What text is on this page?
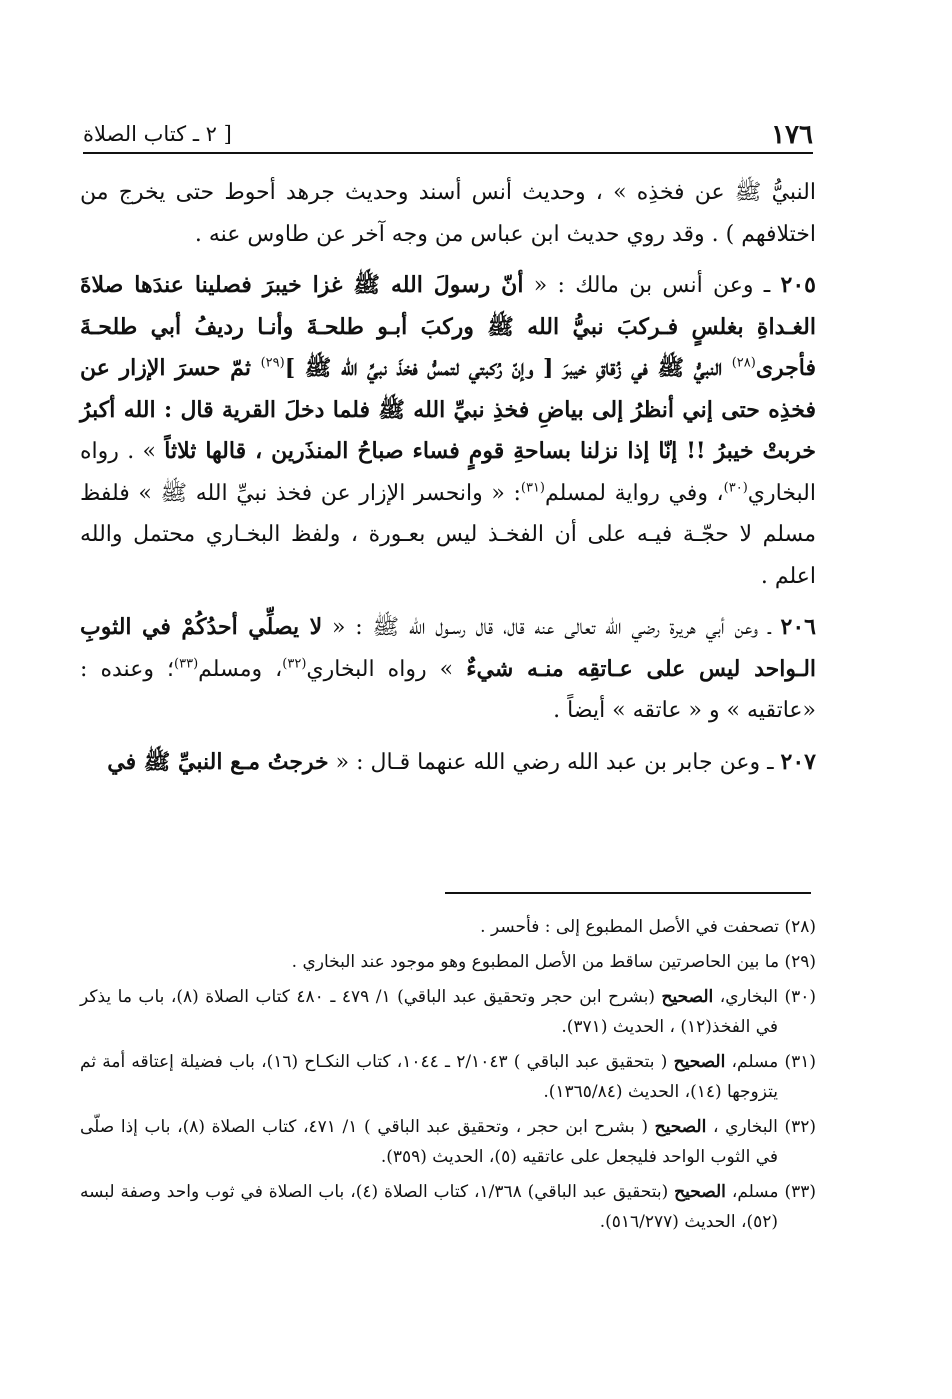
١٧٦
[ ٢ ـ كتاب الصلاة

النبيُّ ﷺ عن فخذِه » ، وحديث أنس أسند وحديث جرهد أحوط حتى يخرج من اختلافهم ) . وقد روي حديث ابن عباس من وجه آخر عن طاوس عنه .

٢٠٥ ـ وعن أنس بن مالك : « أنّ رسولَ الله ﷺ غزا خيبرَ فصلينا عندَها صلاةَ الغـداةِ بغلسٍ فـركبَ نبيُّ الله ﷺ وركبَ أبـو طلحـةَ وأنـا رديفُ أبي طلحـةَ فأجرى$^{(٢٨)}$ النبيُّ ﷺ في زُقاقِ خيبرَ [ وإنّ رُكبتي لتمسُّ فخذَ نبيِّ الله ﷺ ]$^{(٢٩)}$ ثمّ حسرَ الإزار عن فخذِه حتى إني أنظرُ إلى بياضِ فخذِ نبيِّ الله ﷺ فلما دخلَ القرية قال : الله أكبرُ خربتْ خيبرُ !! إنّا إذا نزلنا بساحةِ قومٍ فساء صباحُ المنذَرين ، قالها ثلاثاً » . رواه البخاري$^{(٣٠)}$، وفي رواية لمسلم$^{(٣١)}$: « وانحسر الإزار عن فخذ نبيِّ الله ﷺ » فلفظ مسلم لا حجّـة فيـه على أن الفخـذ ليس بعـورة ، ولفظ البخـاري محتمل والله اعلم .

٢٠٦ ـ وعن أبي هريرة رضي الله تعالى عنه قال، قال رسـول الله ﷺ : « لا يصلِّي أحدُكُمْ في الثوبِ الـواحد ليس على عـاتقِه منـه شيءٌ » رواه البخاري$^{(٣٢)}$، ومسلم$^{(٣٣)}$؛ وعنده : «عاتقيه » و « عاتقه » أيضاً .

٢٠٧ ـ وعن جابر بن عبد الله رضي الله عنهما قـال : « خرجتُ مـع النبيِّ ﷺ في

(٢٨) تصحفت في الأصل المطبوع إلى : فأحسر .

(٢٩) ما بين الحاصرتين ساقط من الأصل المطبوع وهو موجود عند البخاري .

(٣٠) البخاري، الصحيح (بشرح ابن حجر وتحقيق عبد الباقي) ١/ ٤٧٩ ـ ٤٨٠ كتاب الصلاة (٨)، باب ما يذكر في الفخذ(١٢) ، الحديث (٣٧١).

(٣١) مسلم، الصحيح ( بتحقيق عبد الباقي ) ٢/١٠٤٣ ـ ١٠٤٤، كتاب النكـاح (١٦)، باب فضيلة إعتاقه أمة ثم يتزوجها (١٤)، الحديث (١٣٦٥/٨٤).

(٣٢) البخاري ، الصحيح ( بشرح ابن حجر ، وتحقيق عبد الباقي ) ١/ ٤٧١، كتاب الصلاة (٨)، باب إذا صلّى في الثوب الواحد فليجعل على عاتقيه (٥)، الحديث (٣٥٩).

(٣٣) مسلم، الصحيح (بتحقيق عبد الباقي) ١/٣٦٨، كتاب الصلاة (٤)، باب الصلاة في ثوب واحد وصفة لبسه (٥٢)، الحديث (٥١٦/٢٧٧).
